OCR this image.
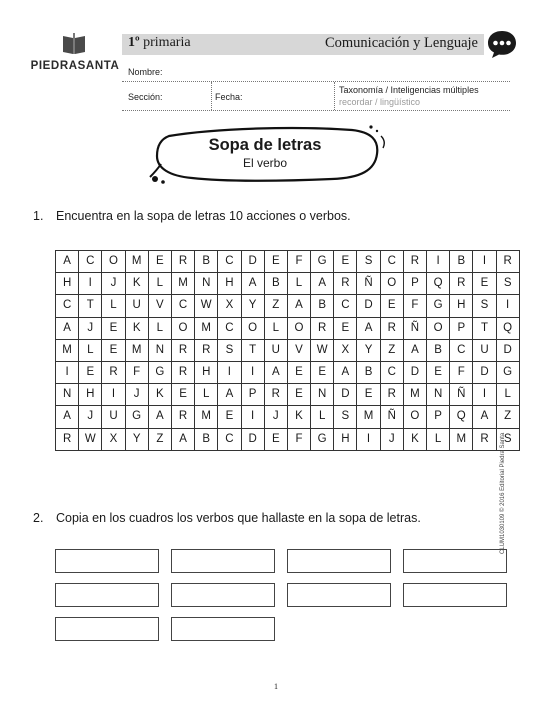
PIEDRASANTA
1º primaria	Comunicación y Lenguaje
Nombre:
Sección:	Fecha:
Taxonomía / Inteligencias múltiples
recordar / lingüístico
Sopa de letras
El verbo
1. Encuentra en la sopa de letras 10 acciones o verbos.
A	C	O	M	E	R	B	C	D	E	F	G	E	S	C	R	I	B	I	R
H	I	J	K	L	M	N	H	A	B	L	A	R	Ñ	O	P	Q	R	E	S
C	T	L	U	V	C	W	X	Y	Z	A	B	C	D	E	F	G	H	S	I
A	J	E	K	L	O	M	C	O	L	O	R	E	A	R	Ñ	O	P	T	Q
M	L	E	M	N	R	R	S	T	U	V	W	X	Y	Z	A	B	C	U	D
I	E	R	F	G	R	H	I	I	A	E	E	A	B	C	D	E	F	D	G
N	H	I	J	K	E	L	A	P	R	E	N	D	E	R	M	N	Ñ	I	L
A	J	U	G	A	R	M	E	I	J	K	L	S	M	Ñ	O	P	Q	A	Z
R	W	X	Y	Z	A	B	C	D	E	F	G	H	I	J	K	L	M	R	S
2. Copia en los cuadros los verbos que hallaste en la sopa de letras.	CLUM1030109 © 2016 Editorial Piedra Santa
1
